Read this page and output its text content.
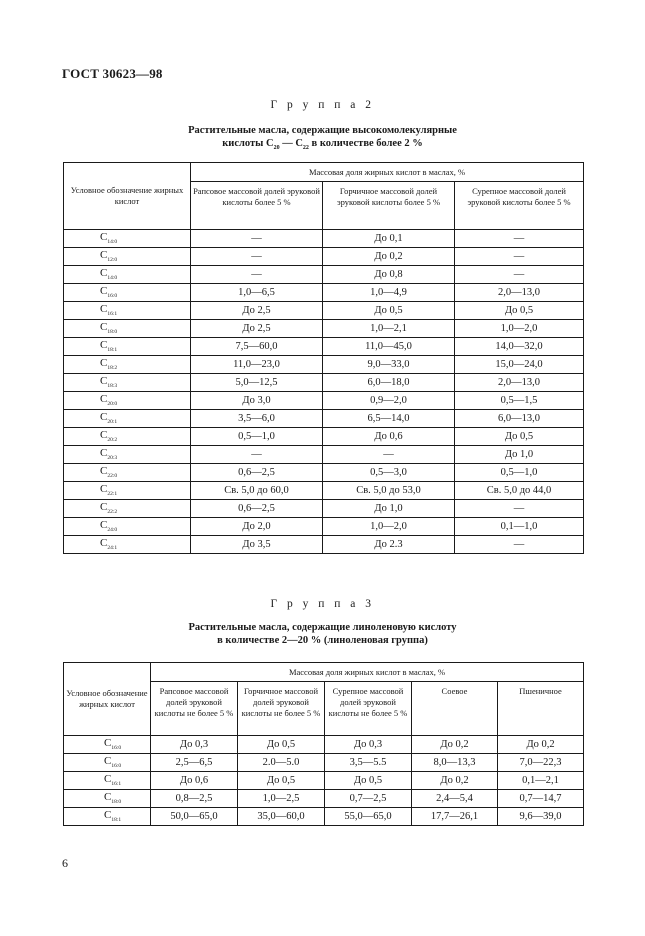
ГОСТ 30623—98
Г р у п п а 2
Растительные масла, содержащие высокомолекулярные
кислоты $С_{20}$ — $С_{22}$ в количестве более 2 %
Условное обозначение жирных кислот	Массовая доля жирных кислот в маслах, %		
	Рапсовое массовой долей эруковой кислоты более 5 %	Горчичное массовой долей эруковой кислоты более 5 %	Сурепное массовой долей эруковой кислоты более 5 %
$С_{14:0}$	—	До 0,1	—
$С_{12:0}$	—	До 0,2	—
$С_{14:0}$	—	До 0,8	—
$С_{16:0}$	1,0—6,5	1,0—4,9	2,0—13,0
$С_{16:1}$	До 2,5	До 0,5	До 0,5
$С_{18:0}$	До 2,5	1,0—2,1	1,0—2,0
$С_{18:1}$	7,5—60,0	11,0—45,0	14,0—32,0
$С_{18:2}$	11,0—23,0	9,0—33,0	15,0—24,0
$С_{18:3}$	5,0—12,5	6,0—18,0	2,0—13,0
$С_{20:0}$	До 3,0	0,9—2,0	0,5—1,5
$С_{20:1}$	3,5—6,0	6,5—14,0	6,0—13,0
$С_{20:2}$	0,5—1,0	До 0,6	До 0,5
$С_{20:3}$	—	—	До 1,0
$С_{22:0}$	0,6—2,5	0,5—3,0	0,5—1,0
$С_{22:1}$	Св. 5,0 до 60,0	Св. 5,0 до 53,0	Св. 5,0 до 44,0
$С_{22:2}$	0,6—2,5	До 1,0	—
$С_{24:0}$	До 2,0	1,0—2,0	0,1—1,0
$С_{24:1}$	До 3,5	До 2.3	—
Г р у п п а 3
Растительные масла, содержащие линоленовую кислоту
в количестве 2—20 % (линоленовая группа)
Условное обозначение жирных кислот	Массовая доля жирных кислот в маслах, %				
	Рапсовое массовой долей эруковой кислоты не более 5 %	Горчичное массовой долей эруковой кислоты не более 5 %	Сурепное массовой долей эруковой кислоты не более 5 %	Соевое	Пшеничное
$С_{16:0}$	До 0,3	До 0,5	До 0,3	До 0,2	До 0,2
$С_{16:0}$	2,5—6,5	2.0—5.0	3,5—5.5	8,0—13,3	7,0—22,3
$С_{16:1}$	До 0,6	До 0,5	До 0,5	До 0,2	0,1—2,1
$С_{18:0}$	0,8—2,5	1,0—2,5	0,7—2,5	2,4—5,4	0,7—14,7
$С_{18:1}$	50,0—65,0	35,0—60,0	55,0—65,0	17,7—26,1	9,6—39,0
6
